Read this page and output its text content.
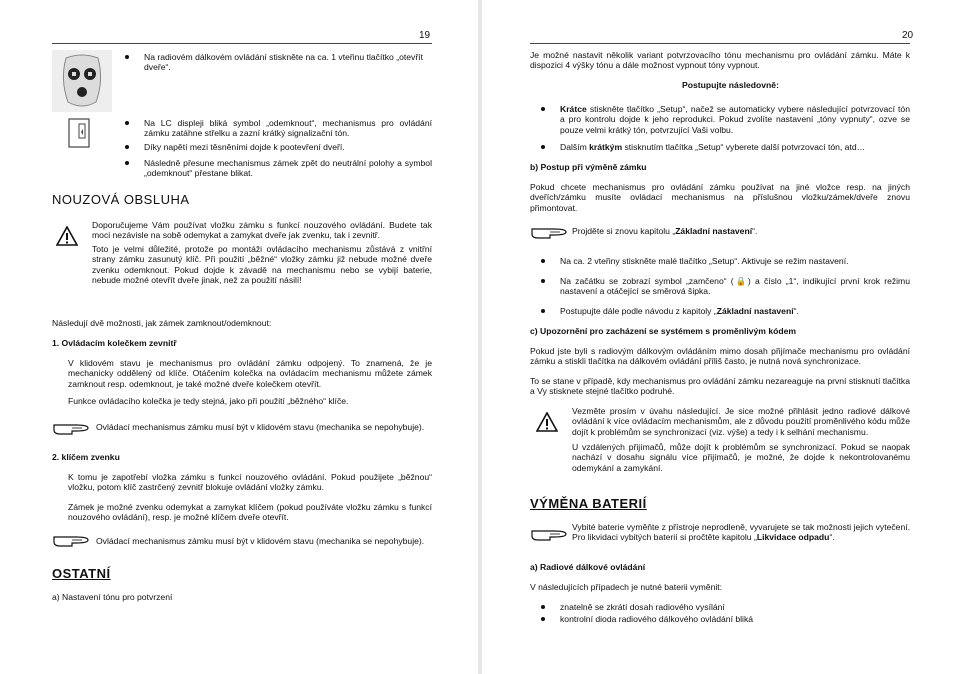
19
Na radiovém dálkovém ovládání stiskněte na ca. 1 vteřinu tlačítko „otevřít dveře“.
Na LC displeji bliká symbol „odemknout“, mechanismus pro ovládání zámku zatáhne střelku a zazní krátký signalizační tón.
Díky napětí mezi těsněními dojde k pootevření dveří.
Následně přesune mechanismus zámek zpět do neutrální polohy a symbol „odemknout“ přestane blikat.
NOUZOVÁ OBSLUHA

Doporučujeme Vám používat vložku zámku s funkcí nouzového ovládání. Budete tak moci nezávisle na sobě odemykat a zamykat dveře jak zvenku, tak i zevnitř.

Toto je velmi důležité, protože po montáži ovládacího mechanismu zůstává z vnitřní strany zámku zasunutý klíč. Při použití „běžné“ vložky zámku již nebude možné dveře zvenku odemknout. Pokud dojde k závadě na mechanismu nebo se vybijí baterie, nebude možné otevřít dveře jinak, než za použití násilí!

Následují dvě možnosti, jak zámek zamknout/odemknout:

1. Ovládacím kolečkem zevnitř

V klidovém stavu je mechanismus pro ovládání zámku odpojený. To znamená, že je mechanicky oddělený od klíče. Otáčením kolečka na ovládacím mechanismu můžete zámek zamknout resp. odemknout, je také možné dveře kolečkem otevřít.

Funkce ovládacího kolečka je tedy stejná, jako při použití „běžného“ klíče.

Ovládací mechanismus zámku musí být v klidovém stavu (mechanika se nepohybuje).

2. klíčem zvenku

K tomu je zapotřebí vložka zámku s funkcí nouzového ovládání. Pokud použijete „běžnou“ vložku, potom klíč zastrčený zevnitř blokuje ovládání vložky zámku.

Zámek je možné zvenku odemykat a zamykat klíčem (pokud používáte vložku zámku s funkcí nouzového ovládání), resp. je možné klíčem dveře otevřít.

Ovládací mechanismus zámku musí být v klidovém stavu (mechanika se nepohybuje).

OSTATNÍ

a) Nastavení tónu pro potvrzení

20

Je možné nastavit několik variant potvrzovacího tónu mechanismu pro ovládání zámku. Máte k dispozici 4 výšky tónu a dále možnost vypnout tóny vypnout.

Postupujte následovně:

Krátce stiskněte tlačítko „Setup“, načež se automaticky vybere následující potvrzovací tón a pro kontrolu dojde k jeho reprodukci. Pokud zvolíte nastavení „tóny vypnuty“, ozve se pouze velmi krátký tón, potvrzující Vaši volbu.
Dalším krátkým stisknutím tlačítka „Setup“ vyberete další potvrzovací tón, atd…

b) Postup při výměně zámku

Pokud chcete mechanismus pro ovládání zámku používat na jiné vložce resp. na jiných dveřích/zámku musíte ovládací mechanismus na příslušnou vložku/zámek/dveře znovu přimontovat.

Projděte si znovu kapitolu „Základní nastavení“.

Na ca. 2 vteřiny stiskněte malé tlačítko „Setup“. Aktivuje se režim nastavení.
Na začátku se zobrazí symbol „zamčeno“ (🔒) a číslo „1“, indikující první krok režimu nastavení a otáčející se směrová šipka.
Postupujte dále podle návodu z kapitoly „Základní nastavení“.

c) Upozornění pro zacházení se systémem s proměnlivým kódem

Pokud jste byli s radiovým dálkovým ovládáním mimo dosah přijímače mechanismu pro ovládání zámku a stiskli tlačítka na dálkovém ovládání příliš často, je nutná nová synchronizace.

To se stane v případě, kdy mechanismus pro ovládání zámku nezareaguje na první stisknutí tlačítka a Vy stisknete stejné tlačítko podruhé.

Vezměte prosím v úvahu následující. Je sice možné přihlásit jedno radiové dálkové ovládání k více ovládacím mechanismům, ale z důvodu použití proměnlivého kódu může dojít k problémům se synchronizací (viz. výše) a tedy i k selhání mechanismu.

U vzdálených přijímačů, může dojít k problémům se synchronizací. Pokud se naopak nachází v dosahu signálu více přijímačů, je možné, že dojde k nekontrolovanému odemykání a zamykání.

VÝMĚNA BATERIÍ

Vybité baterie vyměňte z přístroje neprodleně, vyvarujete se tak možnosti jejich vytečení. Pro likvidaci vybitých baterií si pročtěte kapitolu „Likvidace odpadu“.

a) Radiové dálkové ovládání

V následujících případech je nutné baterii vyměnit:

znatelně se zkrátí dosah radiového vysílání
kontrolní dioda radiového dálkového ovládání bliká
